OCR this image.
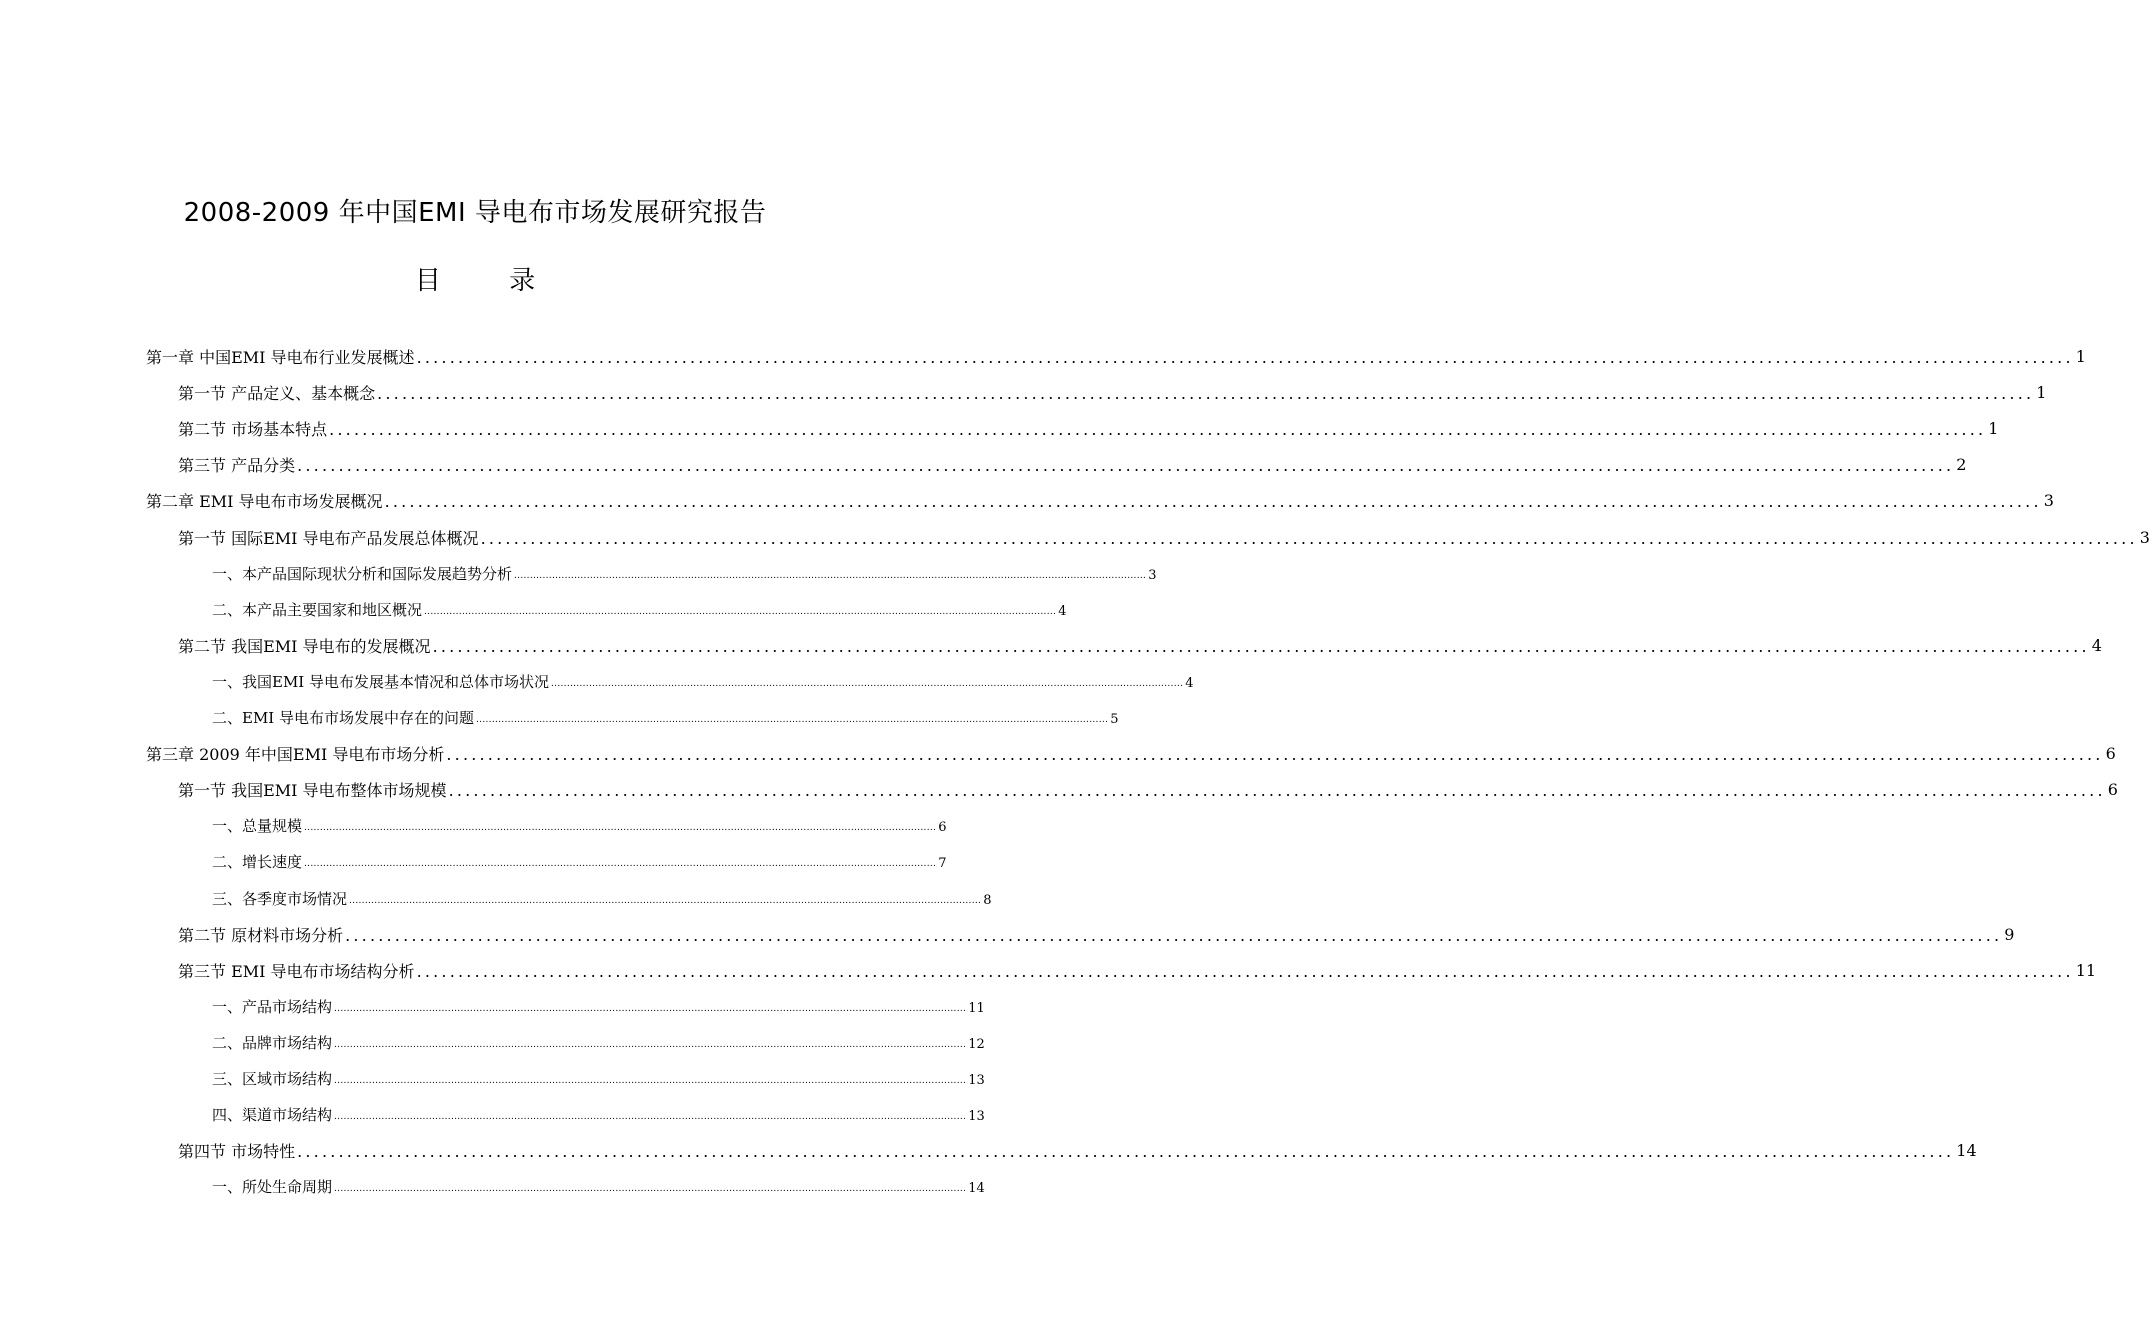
2008-2009 年中国EMI 导电布市场发展研究报告
目 录
第一章 中国EMI 导电布行业发展概述 ........................................................................................................................................................................................................ 1
第一节 产品定义、基本概念 ........................................................................................................................................................................................................ 1
第二节 市场基本特点 ........................................................................................................................................................................................................ 1
第三节 产品分类 ........................................................................................................................................................................................................ 2
第二章 EMI 导电布市场发展概况 ........................................................................................................................................................................................................ 3
第一节 国际EMI 导电布产品发展总体概况 ........................................................................................................................................................................................................ 3
一、本产品国际现状分析和国际发展趋势分析 ........................................................................................................................................................................................................ 3
二、本产品主要国家和地区概况 ........................................................................................................................................................................................................ 4
第二节 我国EMI 导电布的发展概况 ........................................................................................................................................................................................................ 4
一、我国EMI 导电布发展基本情况和总体市场状况 ........................................................................................................................................................................................................ 4
二、EMI 导电布市场发展中存在的问题 ........................................................................................................................................................................................................ 5
第三章 2009 年中国EMI 导电布市场分析 ........................................................................................................................................................................................................ 6
第一节 我国EMI 导电布整体市场规模 ........................................................................................................................................................................................................ 6
一、总量规模 ........................................................................................................................................................................................................ 6
二、增长速度 ........................................................................................................................................................................................................ 7
三、各季度市场情况 ........................................................................................................................................................................................................ 8
第二节 原材料市场分析 ........................................................................................................................................................................................................ 9
第三节 EMI 导电布市场结构分析 ........................................................................................................................................................................................................ 11
一、产品市场结构 ........................................................................................................................................................................................................ 11
二、品牌市场结构 ........................................................................................................................................................................................................ 12
三、区域市场结构 ........................................................................................................................................................................................................ 13
四、渠道市场结构 ........................................................................................................................................................................................................ 13
第四节 市场特性 ........................................................................................................................................................................................................ 14
一、所处生命周期 ........................................................................................................................................................................................................ 14
